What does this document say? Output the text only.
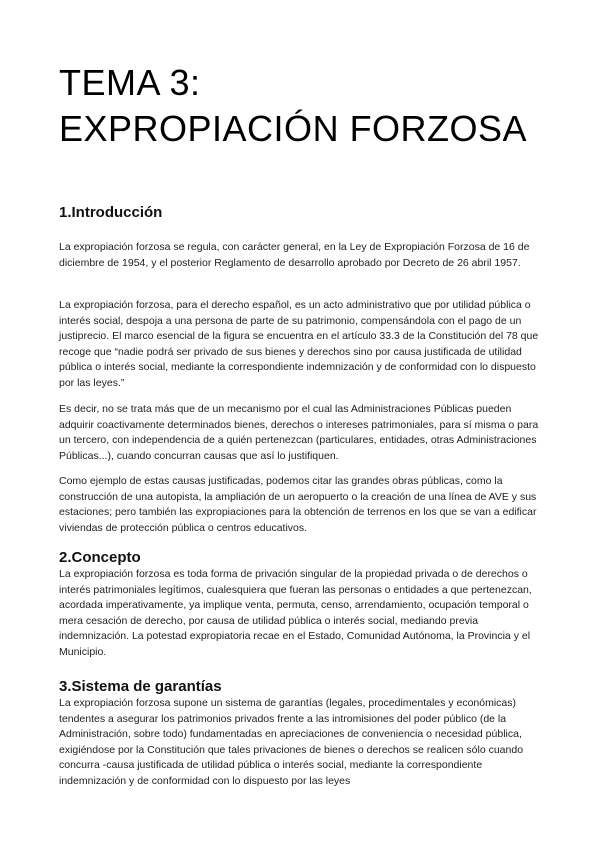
TEMA 3:
EXPROPIACIÓN FORZOSA
1.Introducción

La expropiación forzosa se regula, con carácter general, en la Ley de Expropiación Forzosa de 16 de diciembre de 1954, y el posterior Reglamento de desarrollo aprobado por Decreto de 26 abril 1957.

La expropiación forzosa, para el derecho español, es un acto administrativo que por utilidad pública o interés social, despoja a una persona de parte de su patrimonio, compensándola con el pago de un justiprecio. El marco esencial de la figura se encuentra en el artículo 33.3 de la Constitución del 78 que recoge que “nadie podrá ser privado de sus bienes y derechos sino por causa justificada de utilidad pública o interés social, mediante la correspondiente indemnización y de conformidad con lo dispuesto por las leyes.”

Es decir, no se trata más que de un mecanismo por el cual las Administraciones Públicas pueden adquirir coactivamente determinados bienes, derechos o intereses patrimoniales, para sí misma o para un tercero, con independencia de a quién pertenezcan (particulares, entidades, otras Administraciones Públicas...), cuando concurran causas que así lo justifiquen.

Como ejemplo de estas causas justificadas, podemos citar las grandes obras públicas, como la construcción de una autopista, la ampliación de un aeropuerto o la creación de una línea de AVE y sus estaciones; pero también las expropiaciones para la obtención de terrenos en los que se van a edificar viviendas de protección pública o centros educativos.

2.Concepto

La expropiación forzosa es toda forma de privación singular de la propiedad privada o de derechos o interés patrimoniales legítimos, cualesquiera que fueran las personas o entidades a que pertenezcan, acordada imperativamente, ya implique venta, permuta, censo, arrendamiento, ocupación temporal o mera cesación de derecho, por causa de utilidad pública o interés social, mediando previa indemnización. La potestad expropiatoria recae en el Estado, Comunidad Autónoma, la Provincia y el Municipio.

3.Sistema de garantías

La expropiación forzosa supone un sistema de garantías (legales, procedimentales y económicas) tendentes a asegurar los patrimonios privados frente a las intromisiones del poder público (de la Administración, sobre todo) fundamentadas en apreciaciones de conveniencia o necesidad pública, exigiéndose por la Constitución que tales privaciones de bienes o derechos se realicen sólo cuando concurra -causa justificada de utilidad pública o interés social, mediante la correspondiente indemnización y de conformidad con lo dispuesto por las leyes
